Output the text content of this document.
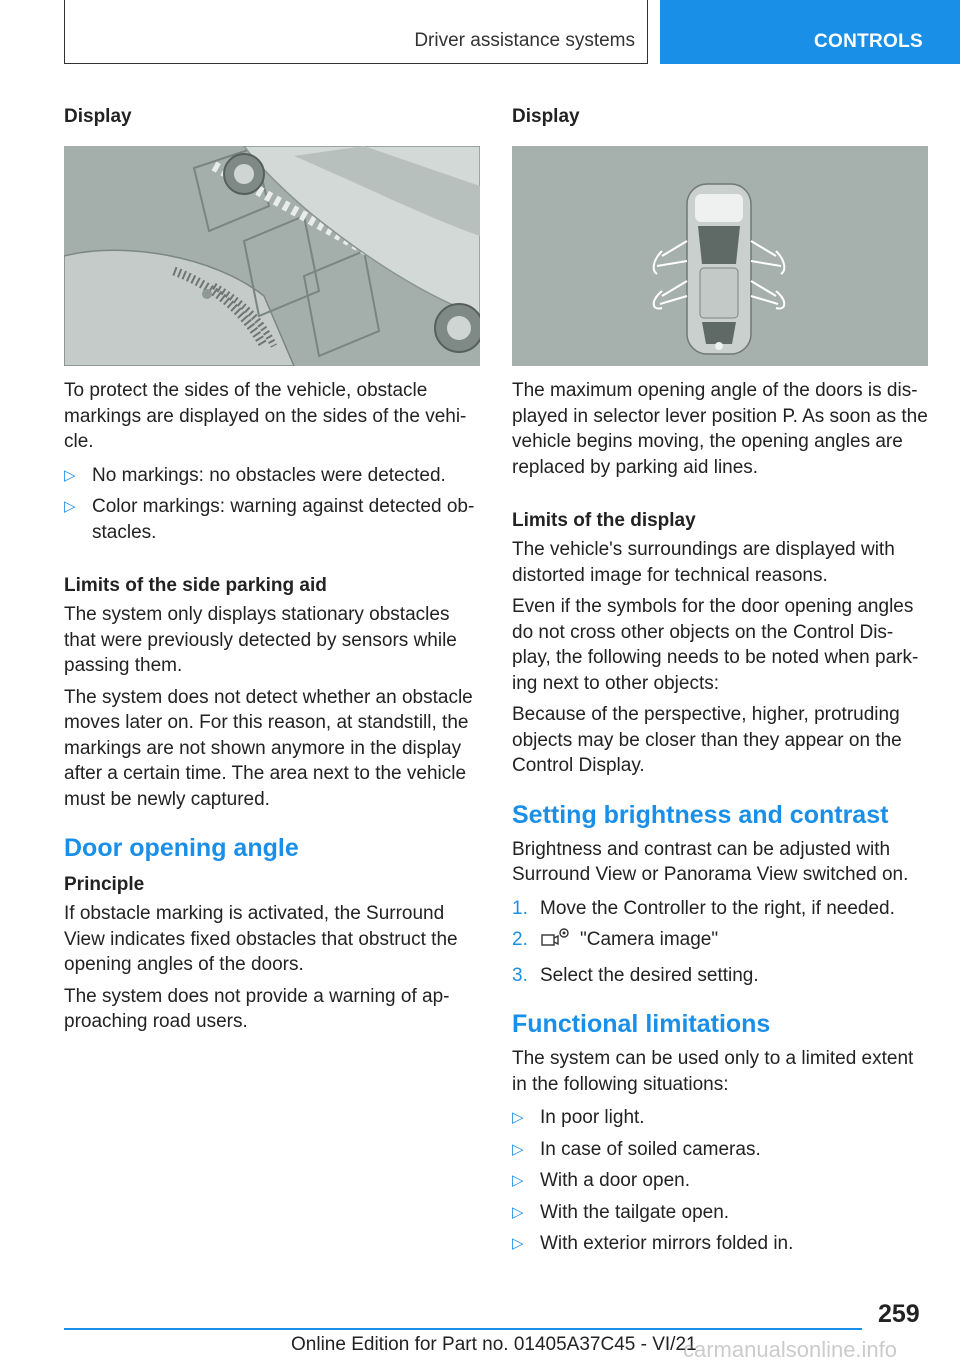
Driver assistance systems	CONTROLS
Display

To protect the sides of the vehicle, obstacle markings are displayed on the sides of the vehi-cle.

▷ No markings: no obstacles were detected.
▷ Color markings: warning against detected ob-stacles.
Limits of the side parking aid

The system only displays stationary obstacles that were previously detected by sensors while passing them.

The system does not detect whether an obstacle moves later on. For this reason, at standstill, the markings are not shown anymore in the display after a certain time. The area next to the vehicle must be newly captured.

Door opening angle
Principle

If obstacle marking is activated, the Surround View indicates fixed obstacles that obstruct the opening angles of the doors.

The system does not provide a warning of ap-proaching road users.

Display

The maximum opening angle of the doors is dis-played in selector lever position P. As soon as the vehicle begins moving, the opening angles are replaced by parking aid lines.

Limits of the display

The vehicle's surroundings are displayed with distorted image for technical reasons.

Even if the symbols for the door opening angles do not cross other objects on the Control Dis-play, the following needs to be noted when park-ing next to other objects:

Because of the perspective, higher, protruding objects may be closer than they appear on the Control Display.

Setting brightness and contrast

Brightness and contrast can be adjusted with Surround View or Panorama View switched on.

1. Move the Controller to the right, if needed.
2.	"Camera image"
3. Select the desired setting.
Functional limitations

The system can be used only to a limited extent in the following situations:

▷ In poor light.
▷ In case of soiled cameras.
▷ With a door open.
▷ With the tailgate open.
▷ With exterior mirrors folded in.
259
Online Edition for Part no. 01405A37C45 - VI/21
carmanualsonline.info
